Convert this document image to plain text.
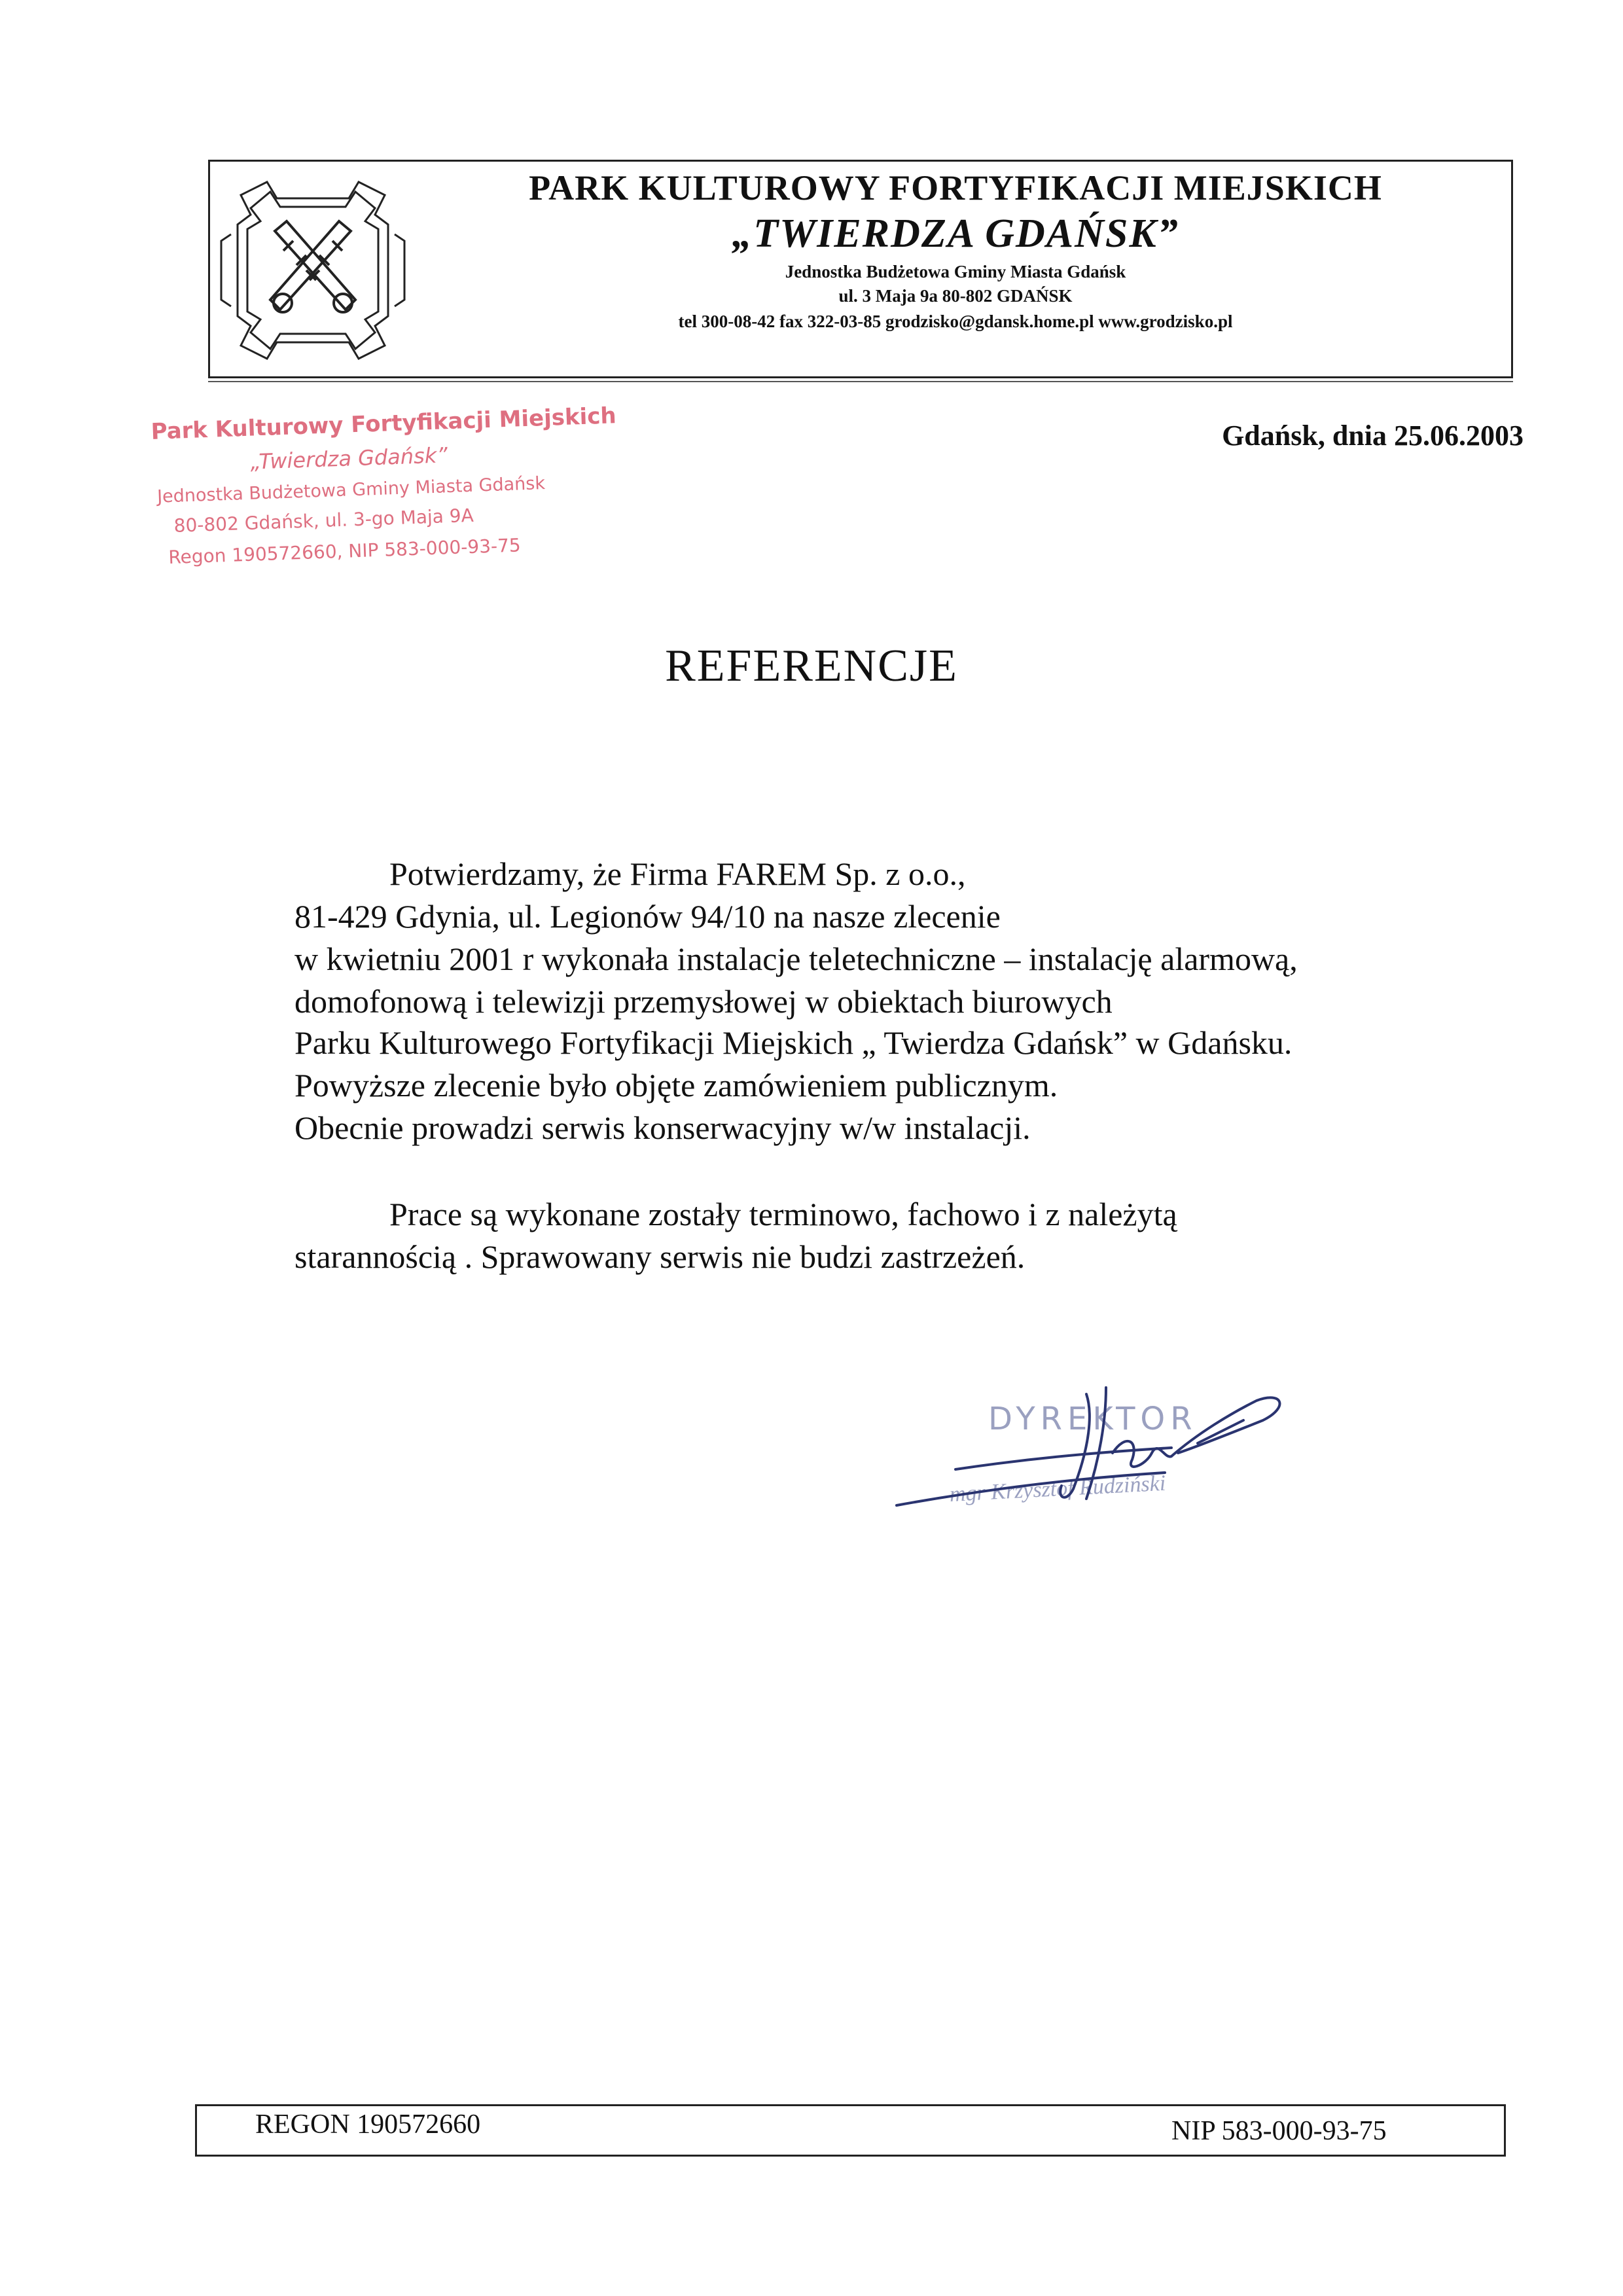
PARK KULTUROWY FORTYFIKACJI MIEJSKICH
„TWIERDZA GDAŃSK”
Jednostka Budżetowa Gminy Miasta Gdańsk
ul. 3 Maja 9a 80-802 GDAŃSK
tel 300-08-42 fax 322-03-85 grodzisko@gdansk.home.pl www.grodzisko.pl
Park Kulturowy Fortyfikacji Miejskich
„Twierdza Gdańsk”
Jednostka Budżetowa Gminy Miasta Gdańsk
80-802 Gdańsk, ul. 3-go Maja 9A
Regon 190572660, NIP 583-000-93-75
Gdańsk, dnia 25.06.2003
REFERENCJE
Potwierdzamy, że Firma FAREM Sp. z o.o.,
81-429 Gdynia, ul. Legionów 94/10 na nasze zlecenie
w kwietniu 2001 r wykonała instalacje teletechniczne – instalację alarmową,
domofonową i telewizji przemysłowej w obiektach biurowych
Parku Kulturowego Fortyfikacji Miejskich „ Twierdza Gdańsk” w Gdańsku.
Powyższe zlecenie było objęte zamówieniem publicznym.
Obecnie prowadzi serwis konserwacyjny w/w instalacji.
Prace są wykonane zostały terminowo, fachowo i z należytą
starannością . Sprawowany serwis nie budzi zastrzeżeń.
DYREKTOR
mgr Krzysztof Rudziński
REGON 190572660	NIP 583-000-93-75
